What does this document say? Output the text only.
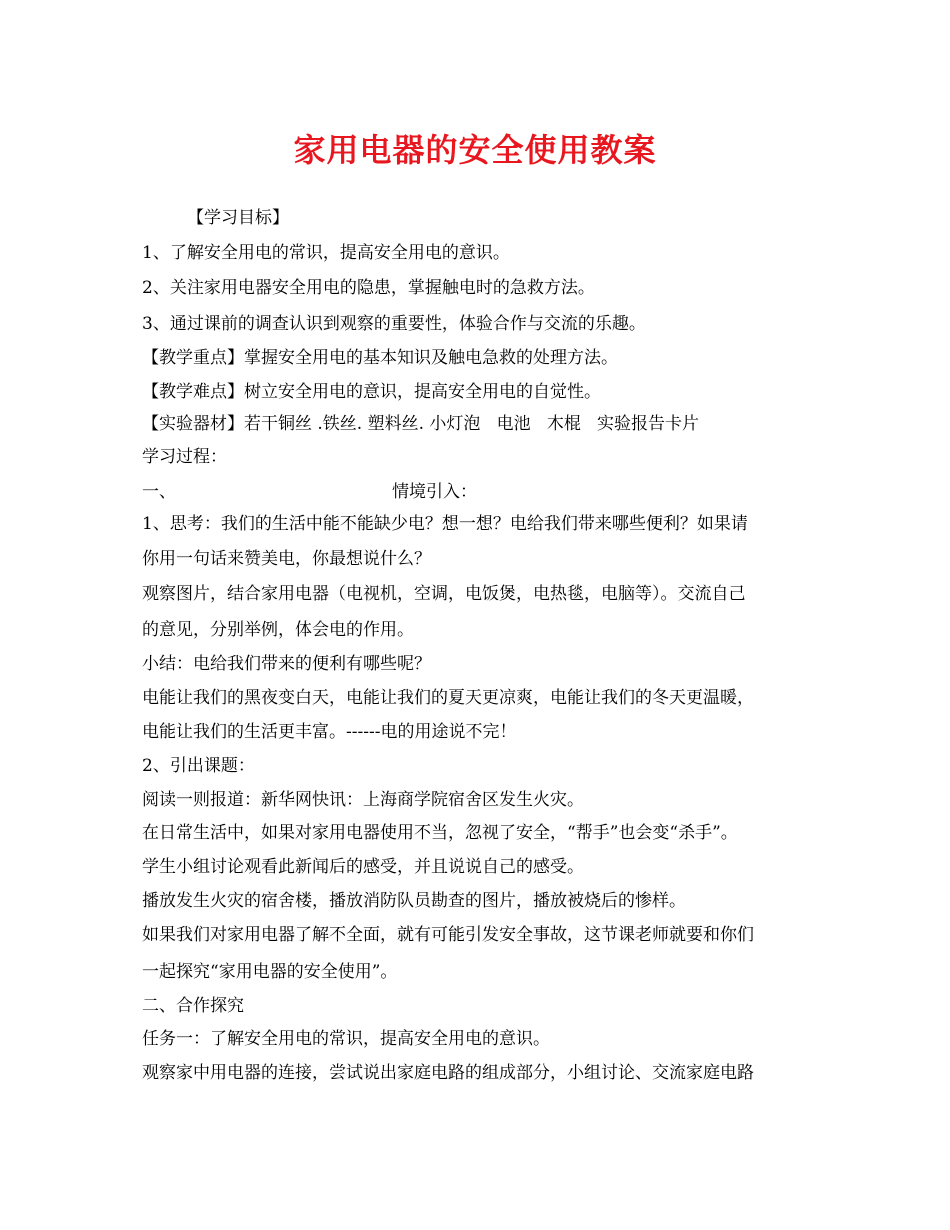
家用电器的安全使用教案
【学习目标】
1、了解安全用电的常识，提高安全用电的意识。
2、关注家用电器安全用电的隐患，掌握触电时的急救方法。
3、通过课前的调查认识到观察的重要性，体验合作与交流的乐趣。
【教学重点】掌握安全用电的基本知识及触电急救的处理方法。
【教学难点】树立安全用电的意识，提高安全用电的自觉性。
【实验器材】若干铜丝 .铁丝. 塑料丝. 小灯泡   电池   木棍   实验报告卡片
学习过程：
一、	情境引入：
1、思考：我们的生活中能不能缺少电？想一想？电给我们带来哪些便利？如果请
你用一句话来赞美电，你最想说什么？
观察图片，结合家用电器（电视机，空调，电饭煲，电热毯，电脑等）。交流自己
的意见，分别举例，体会电的作用。
小结：电给我们带来的便利有哪些呢？
电能让我们的黑夜变白天，电能让我们的夏天更凉爽，电能让我们的冬天更温暖，
电能让我们的生活更丰富。------电的用途说不完！
2、引出课题：
阅读一则报道：新华网快讯：上海商学院宿舍区发生火灾。
在日常生活中，如果对家用电器使用不当，忽视了安全，“帮手”也会变“杀手”。
学生小组讨论观看此新闻后的感受，并且说说自己的感受。
播放发生火灾的宿舍楼，播放消防队员勘查的图片，播放被烧后的惨样。
如果我们对家用电器了解不全面，就有可能引发安全事故，这节课老师就要和你们
一起探究“家用电器的安全使用”。
二、合作探究
任务一：了解安全用电的常识，提高安全用电的意识。
观察家中用电器的连接，尝试说出家庭电路的组成部分，小组讨论、交流家庭电路
